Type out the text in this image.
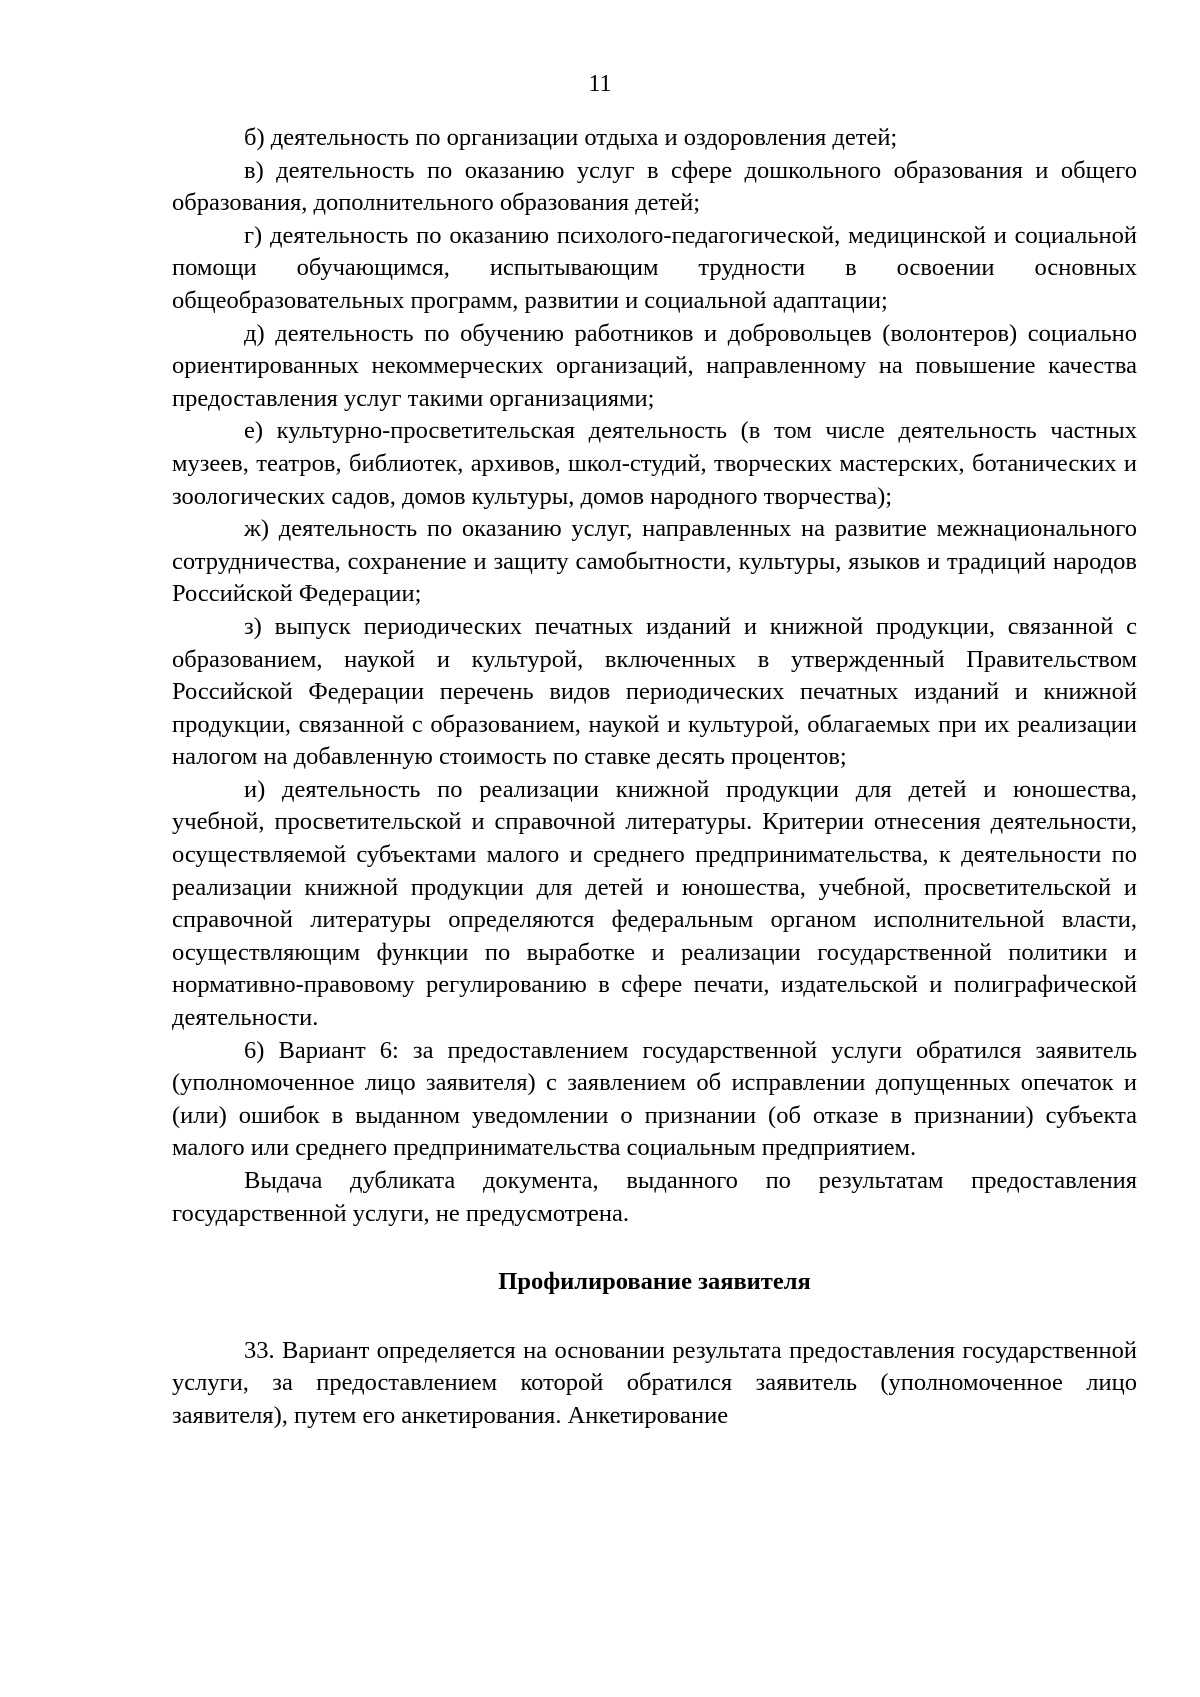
11

б) деятельность по организации отдыха и оздоровления детей;

в) деятельность по оказанию услуг в сфере дошкольного образования и общего образования, дополнительного образования детей;

г) деятельность по оказанию психолого-педагогической, медицинской и социальной помощи обучающимся, испытывающим трудности в освоении основных общеобразовательных программ, развитии и социальной адаптации;

д) деятельность по обучению работников и добровольцев (волонтеров) социально ориентированных некоммерческих организаций, направленному на повышение качества предоставления услуг такими организациями;

е) культурно-просветительская деятельность (в том числе деятельность частных музеев, театров, библиотек, архивов, школ-студий, творческих мастерских, ботанических и зоологических садов, домов культуры, домов народного творчества);

ж) деятельность по оказанию услуг, направленных на развитие межнационального сотрудничества, сохранение и защиту самобытности, культуры, языков и традиций народов Российской Федерации;

з) выпуск периодических печатных изданий и книжной продукции, связанной с образованием, наукой и культурой, включенных в утвержденный Правительством Российской Федерации перечень видов периодических печатных изданий и книжной продукции, связанной с образованием, наукой и культурой, облагаемых при их реализации налогом на добавленную стоимость по ставке десять процентов;

и) деятельность по реализации книжной продукции для детей и юношества, учебной, просветительской и справочной литературы. Критерии отнесения деятельности, осуществляемой субъектами малого и среднего предпринимательства, к деятельности по реализации книжной продукции для детей и юношества, учебной, просветительской и справочной литературы определяются федеральным органом исполнительной власти, осуществляющим функции по выработке и реализации государственной политики и нормативно-правовому регулированию в сфере печати, издательской и полиграфической деятельности.

6) Вариант 6: за предоставлением государственной услуги обратился заявитель (уполномоченное лицо заявителя) с заявлением об исправлении допущенных опечаток и (или) ошибок в выданном уведомлении о признании (об отказе в признании) субъекта малого или среднего предпринимательства социальным предприятием.

Выдача дубликата документа, выданного по результатам предоставления государственной услуги, не предусмотрена.

Профилирование заявителя

33. Вариант определяется на основании результата предоставления государственной услуги, за предоставлением которой обратился заявитель (уполномоченное лицо заявителя), путем его анкетирования. Анкетирование
